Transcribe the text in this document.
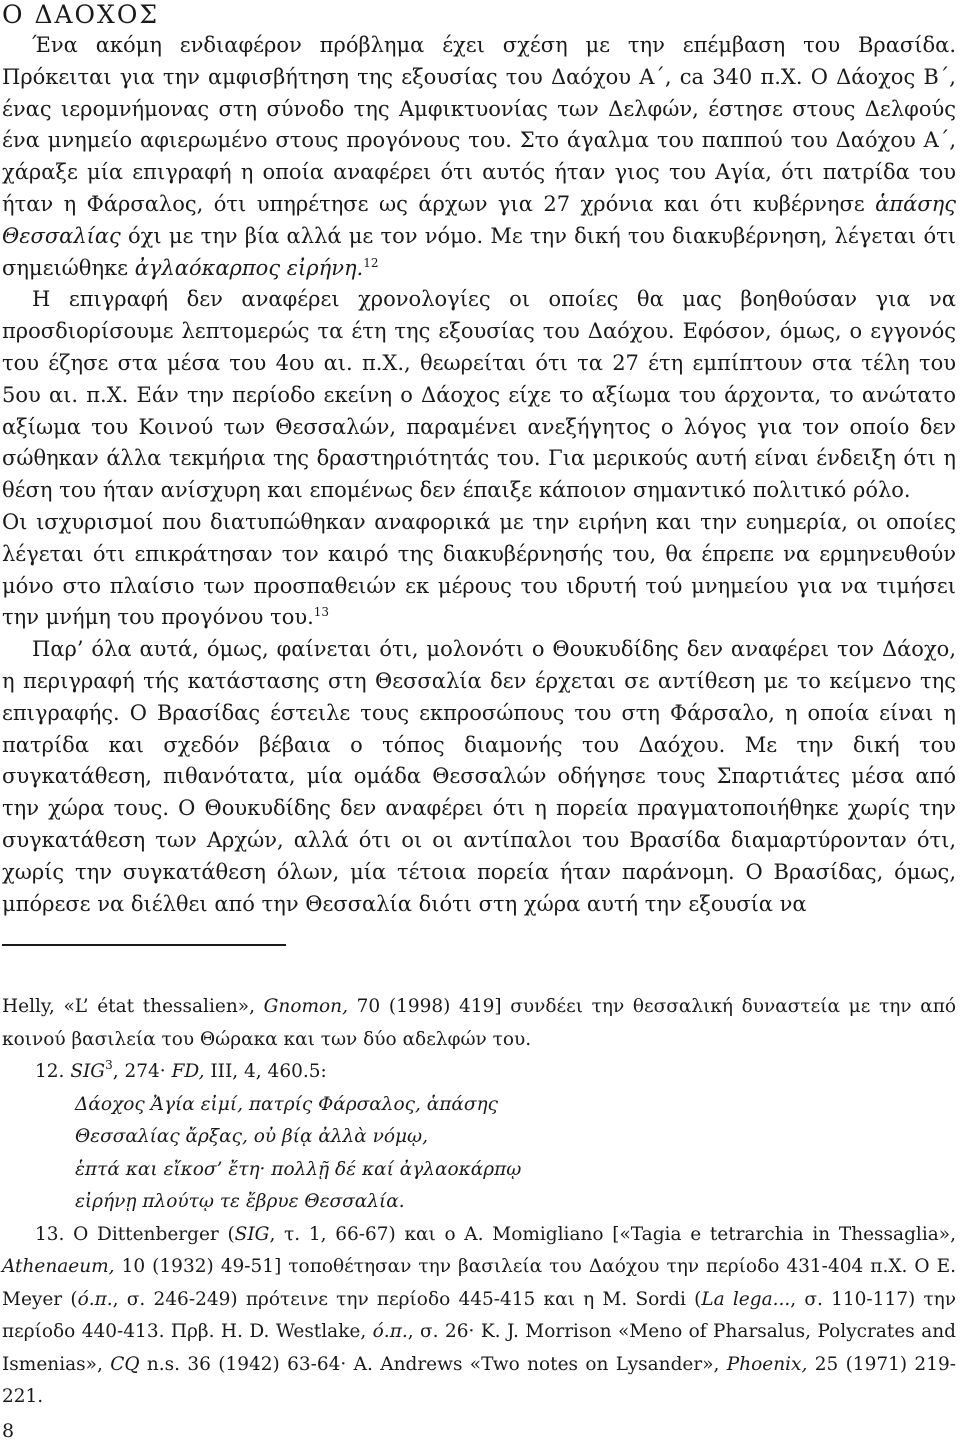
Ο ΔΑΟΧΟΣ

Ένα ακόμη ενδιαφέρον πρόβλημα έχει σχέση με την επέμβαση του Βρασίδα. Πρόκειται για την αμφισβήτηση της εξουσίας του Δαόχου Α΄, ca 340 π.Χ. Ο Δάοχος Β΄, ένας ιερομνήμονας στη σύνοδο της Αμφικτυονίας των Δελφών, έστησε στους Δελφούς ένα μνημείο αφιερωμένο στους προγόνους του. Στο άγαλμα του παππού του Δαόχου Α΄, χάραξε μία επιγραφή η οποία αναφέρει ότι αυτός ήταν γιος του Αγία, ότι πατρίδα του ήταν η Φάρσαλος, ότι υπηρέτησε ως άρχων για 27 χρόνια και ότι κυβέρνησε ἁπάσης Θεσσαλίας όχι με την βία αλλά με τον νόμο. Με την δική του διακυβέρνηση, λέγεται ότι σημειώθηκε ἀγλαόκαρπος εἰρήνη.$^{12}$

Η επιγραφή δεν αναφέρει χρονολογίες οι οποίες θα μας βοηθούσαν για να προσδιορίσουμε λεπτομερώς τα έτη της εξουσίας του Δαόχου. Εφόσον, όμως, ο εγγονός του έζησε στα μέσα του 4ου αι. π.Χ., θεωρείται ότι τα 27 έτη εμπίπτουν στα τέλη του 5ου αι. π.Χ. Εάν την περίοδο εκείνη ο Δάοχος είχε το αξίωμα του άρχοντα, το ανώτατο αξίωμα του Κοινού των Θεσσαλών, παραμένει ανεξήγητος ο λόγος για τον οποίο δεν σώθηκαν άλλα τεκμήρια της δραστηριότητάς του. Για μερικούς αυτή είναι ένδειξη ότι η θέση του ήταν ανίσχυρη και επομένως δεν έπαιξε κάποιον σημαντικό πολιτικό ρόλο.

Οι ισχυρισμοί που διατυπώθηκαν αναφορικά με την ειρήνη και την ευημερία, οι οποίες λέγεται ότι επικράτησαν τον καιρό της διακυβέρνησής του, θα έπρεπε να ερμηνευθούν μόνο στο πλαίσιο των προσπαθειών εκ μέρους του ιδρυτή τού μνημείου για να τιμήσει την μνήμη του προγόνου του.$^{13}$

Παρ’ όλα αυτά, όμως, φαίνεται ότι, μολονότι ο Θουκυδίδης δεν αναφέρει τον Δάοχο, η περιγραφή τής κατάστασης στη Θεσσαλία δεν έρχεται σε αντίθεση με το κείμενο της επιγραφής. Ο Βρασίδας έστειλε τους εκπροσώπους του στη Φάρσαλο, η οποία είναι η πατρίδα και σχεδόν βέβαια ο τόπος διαμονής του Δαόχου. Με την δική του συγκατάθεση, πιθανότατα, μία ομάδα Θεσσαλών οδήγησε τους Σπαρτιάτες μέσα από την χώρα τους. Ο Θουκυδίδης δεν αναφέρει ότι η πορεία πραγματοποιήθηκε χωρίς την συγκατάθεση των Αρχών, αλλά ότι οι οι αντίπαλοι του Βρασίδα διαμαρτύρονταν ότι, χωρίς την συγκατάθεση όλων, μία τέτοια πορεία ήταν παράνομη. Ο Βρασίδας, όμως, μπόρεσε να διέλθει από την Θεσσαλία διότι στη χώρα αυτή την εξουσία να

Helly, «L’ état thessalien», Gnomon, 70 (1998) 419] συνδέει την θεσσαλική δυναστεία με την από κοινού βασιλεία του Θώρακα και των δύο αδελφών του.

12. SIG$^3$, 274· FD, III, 4, 460.5:

Δάοχος Ἀγία εἰμί, πατρίς Φάρσαλος, ἁπάσης

Θεσσαλίας ἄρξας, οὐ βίᾳ ἀλλὰ νόμῳ,

ἑπτά και εἴκοσ’ ἔτη· πολλῇ δέ καί ἀγλαοκάρπῳ

εἰρήνῃ πλούτῳ τε ἔβρυε Θεσσαλία.

13. Ο Dittenberger (SIG, τ. 1, 66-67) και ο A. Momigliano [«Tagia e tetrarchia in Thessaglia», Athenaeum, 10 (1932) 49-51] τοποθέτησαν την βασιλεία του Δαόχου την περίοδο 431-404 π.Χ. Ο E. Meyer (ό.π., σ. 246-249) πρότεινε την περίοδο 445-415 και η M. Sordi (La lega..., σ. 110-117) την περίοδο 440-413. Πρβ. H. D. Westlake, ό.π., σ. 26· K. J. Morrison «Meno of Pharsalus, Polycrates and Ismenias», CQ n.s. 36 (1942) 63-64· A. Andrews «Two notes on Lysander», Phoenix, 25 (1971) 219-221.

8
